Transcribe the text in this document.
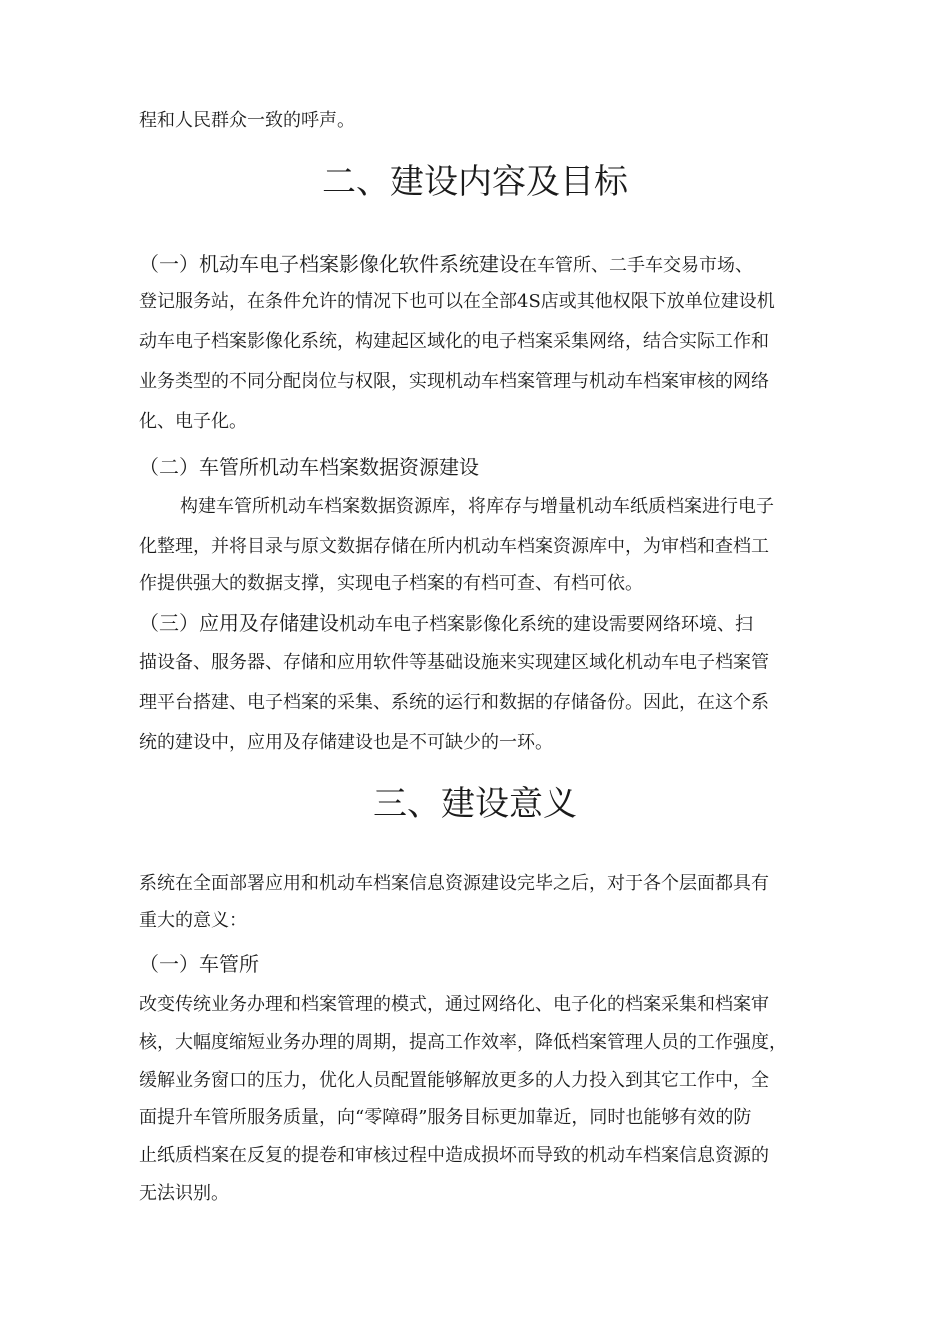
程和人民群众一致的呼声。
二、建设内容及目标
（一）机动车电子档案影像化软件系统建设在车管所、二手车交易市场、
登记服务站，在条件允许的情况下也可以在全部4S店或其他权限下放单位建设机
动车电子档案影像化系统，构建起区域化的电子档案采集网络，结合实际工作和
业务类型的不同分配岗位与权限，实现机动车档案管理与机动车档案审核的网络
化、电子化。
（二）车管所机动车档案数据资源建设
构建车管所机动车档案数据资源库，将库存与增量机动车纸质档案进行电子
化整理，并将目录与原文数据存储在所内机动车档案资源库中，为审档和查档工
作提供强大的数据支撑，实现电子档案的有档可查、有档可依。
（三）应用及存储建设机动车电子档案影像化系统的建设需要网络环境、扫
描设备、服务器、存储和应用软件等基础设施来实现建区域化机动车电子档案管
理平台搭建、电子档案的采集、系统的运行和数据的存储备份。因此，在这个系
统的建设中，应用及存储建设也是不可缺少的一环。
三、建设意义
系统在全面部署应用和机动车档案信息资源建设完毕之后，对于各个层面都具有
重大的意义：
（一）车管所
改变传统业务办理和档案管理的模式，通过网络化、电子化的档案采集和档案审
核，大幅度缩短业务办理的周期，提高工作效率，降低档案管理人员的工作强度，
缓解业务窗口的压力，优化人员配置能够解放更多的人力投入到其它工作中，全
面提升车管所服务质量，向“零障碍”服务目标更加靠近，同时也能够有效的防
止纸质档案在反复的提卷和审核过程中造成损坏而导致的机动车档案信息资源的
无法识别。
